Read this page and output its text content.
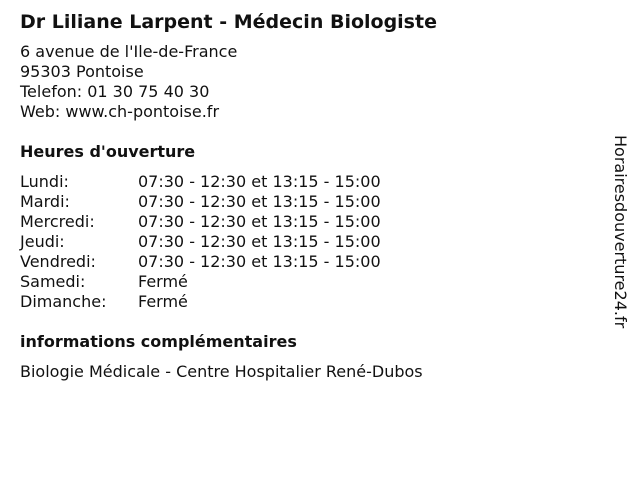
Dr Liliane Larpent - Médecin Biologiste
6 avenue de l'Ile-de-France
95303 Pontoise
Telefon: 01 30 75 40 30
Web: www.ch-pontoise.fr
Heures d'ouverture
Lundi:	07:30 - 12:30 et 13:15 - 15:00
Mardi:	07:30 - 12:30 et 13:15 - 15:00
Mercredi:	07:30 - 12:30 et 13:15 - 15:00
Jeudi:	07:30 - 12:30 et 13:15 - 15:00
Vendredi:	07:30 - 12:30 et 13:15 - 15:00
Samedi:	Fermé
Dimanche:	Fermé
informations complémentaires
Biologie Médicale - Centre Hospitalier René-Dubos
Horairesdouverture24.fr
